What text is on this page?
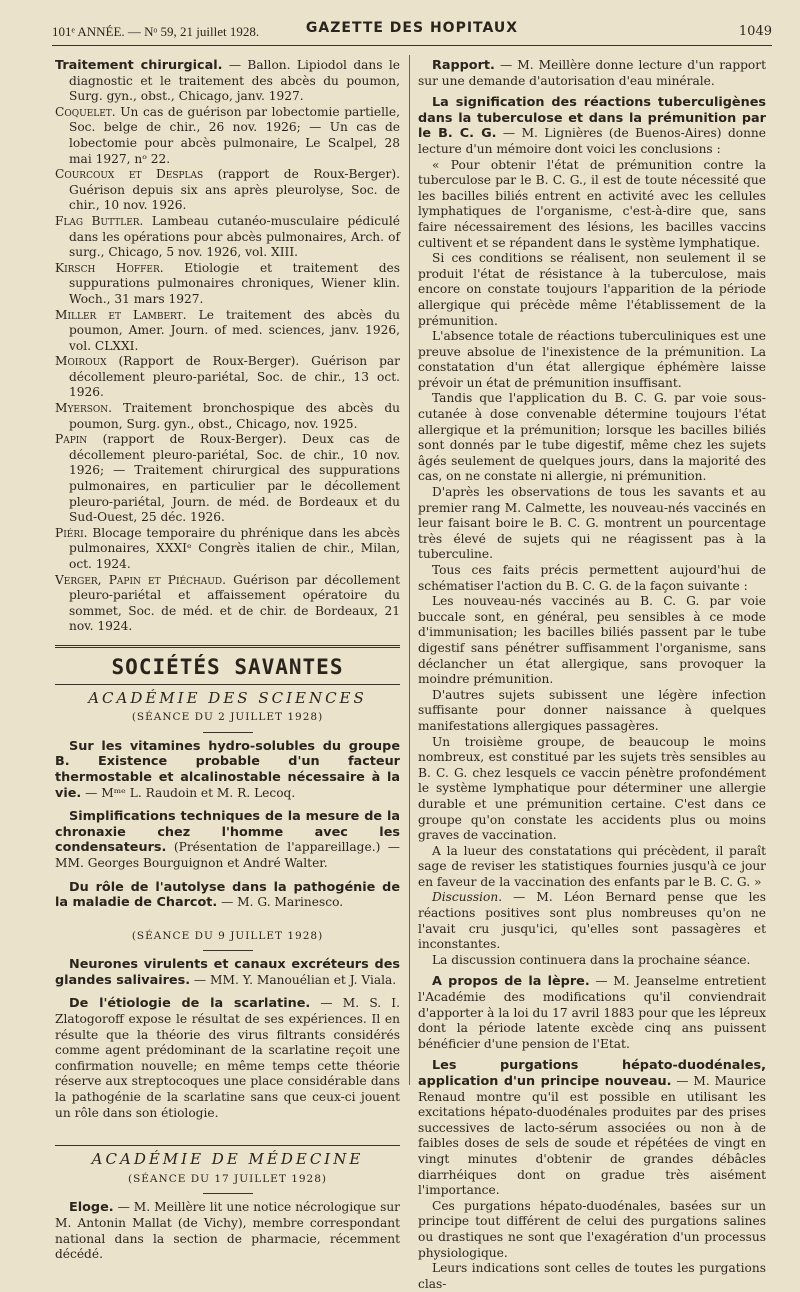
101ᵉ ANNÉE. — Nᵒ 59, 21 juillet 1928.	GAZETTE DES HOPITAUX	1049

Traitement chirurgical. — Ballon. Lipiodol dans le diagnostic et le traitement des abcès du poumon, Surg. gyn., obst., Chicago, janv. 1927.

Coquelet. Un cas de guérison par lobectomie partielle, Soc. belge de chir., 26 nov. 1926; — Un cas de lobectomie pour abcès pulmonaire, Le Scalpel, 28 mai 1927, nᵒ 22.

Courcoux et Desplas (rapport de Roux-Berger). Guérison depuis six ans après pleurolyse, Soc. de chir., 10 nov. 1926.

Flag Buttler. Lambeau cutanéo-musculaire pédiculé dans les opérations pour abcès pulmonaires, Arch. of surg., Chicago, 5 nov. 1926, vol. XIII.

Kirsch Hoffer. Etiologie et traitement des suppurations pulmonaires chroniques, Wiener klin. Woch., 31 mars 1927.

Miller et Lambert. Le traitement des abcès du poumon, Amer. Journ. of med. sciences, janv. 1926, vol. CLXXI.

Moiroux (Rapport de Roux-Berger). Guérison par décollement pleuro-pariétal, Soc. de chir., 13 oct. 1926.

Myerson. Traitement bronchospique des abcès du poumon, Surg. gyn., obst., Chicago, nov. 1925.

Papin (rapport de Roux-Berger). Deux cas de décollement pleuro-pariétal, Soc. de chir., 10 nov. 1926; — Traitement chirurgical des suppurations pulmonaires, en particulier par le décollement pleuro-pariétal, Journ. de méd. de Bordeaux et du Sud-Ouest, 25 déc. 1926.

Piéri. Blocage temporaire du phrénique dans les abcès pulmonaires, XXXIᵉ Congrès italien de chir., Milan, oct. 1924.

Verger, Papin et Piéchaud. Guérison par décollement pleuro-pariétal et affaissement opératoire du sommet, Soc. de méd. et de chir. de Bordeaux, 21 nov. 1924.

SOCIÉTÉS SAVANTES
ACADÉMIE DES SCIENCES
(SÉANCE DU 2 JUILLET 1928)

Sur les vitamines hydro-solubles du groupe B. Existence probable d'un facteur thermostable et alcalinostable nécessaire à la vie. — Mᵐᵉ L. Raudoin et M. R. Lecoq.

Simplifications techniques de la mesure de la chronaxie chez l'homme avec les condensateurs. (Présentation de l'appareillage.) — MM. Georges Bourguignon et André Walter.

Du rôle de l'autolyse dans la pathogénie de la maladie de Charcot. — M. G. Marinesco.

(SÉANCE DU 9 JUILLET 1928)

Neurones virulents et canaux excréteurs des glandes salivaires. — MM. Y. Manouélian et J. Viala.

De l'étiologie de la scarlatine. — M. S. I. Zlatogoroff expose le résultat de ses expériences. Il en résulte que la théorie des virus filtrants considérés comme agent prédominant de la scarlatine reçoit une confirmation nouvelle; en même temps cette théorie réserve aux streptocoques une place considérable dans la pathogénie de la scarlatine sans que ceux-ci jouent un rôle dans son étiologie.

ACADÉMIE DE MÉDECINE
(SÉANCE DU 17 JUILLET 1928)

Eloge. — M. Meillère lit une notice nécrologique sur M. Antonin Mallat (de Vichy), membre correspondant national dans la section de pharmacie, récemment décédé.

Rapport. — M. Meillère donne lecture d'un rapport sur une demande d'autorisation d'eau minérale.

La signification des réactions tuberculigènes dans la tuberculose et dans la prémunition par le B. C. G. — M. Lignières (de Buenos-Aires) donne lecture d'un mémoire dont voici les conclusions :

« Pour obtenir l'état de prémunition contre la tuberculose par le B. C. G., il est de toute nécessité que les bacilles biliés entrent en activité avec les cellules lymphatiques de l'organisme, c'est-à-dire que, sans faire nécessairement des lésions, les bacilles vaccins cultivent et se répandent dans le système lymphatique.

Si ces conditions se réalisent, non seulement il se produit l'état de résistance à la tuberculose, mais encore on constate toujours l'apparition de la période allergique qui précède même l'établissement de la prémunition.

L'absence totale de réactions tuberculiniques est une preuve absolue de l'inexistence de la prémunition. La constatation d'un état allergique éphémère laisse prévoir un état de prémunition insuffisant.

Tandis que l'application du B. C. G. par voie sous-cutanée à dose convenable détermine toujours l'état allergique et la prémunition; lorsque les bacilles biliés sont donnés par le tube digestif, même chez les sujets âgés seulement de quelques jours, dans la majorité des cas, on ne constate ni allergie, ni prémunition.

D'après les observations de tous les savants et au premier rang M. Calmette, les nouveau-nés vaccinés en leur faisant boire le B. C. G. montrent un pourcentage très élevé de sujets qui ne réagissent pas à la tuberculine.

Tous ces faits précis permettent aujourd'hui de schématiser l'action du B. C. G. de la façon suivante :

Les nouveau-nés vaccinés au B. C. G. par voie buccale sont, en général, peu sensibles à ce mode d'immunisation; les bacilles biliés passent par le tube digestif sans pénétrer suffisamment l'organisme, sans déclancher un état allergique, sans provoquer la moindre prémunition.

D'autres sujets subissent une légère infection suffisante pour donner naissance à quelques manifestations allergiques passagères.

Un troisième groupe, de beaucoup le moins nombreux, est constitué par les sujets très sensibles au B. C. G. chez lesquels ce vaccin pénètre profondément le système lymphatique pour déterminer une allergie durable et une prémunition certaine. C'est dans ce groupe qu'on constate les accidents plus ou moins graves de vaccination.

A la lueur des constatations qui précèdent, il paraît sage de reviser les statistiques fournies jusqu'à ce jour en faveur de la vaccination des enfants par le B. C. G. »

Discussion. — M. Léon Bernard pense que les réactions positives sont plus nombreuses qu'on ne l'avait cru jusqu'ici, qu'elles sont passagères et inconstantes.

La discussion continuera dans la prochaine séance.

A propos de la lèpre. — M. Jeanselme entretient l'Académie des modifications qu'il conviendrait d'apporter à la loi du 17 avril 1883 pour que les lépreux dont la période latente excède cinq ans puissent bénéficier d'une pension de l'Etat.

Les purgations hépato-duodénales, application d'un principe nouveau. — M. Maurice Renaud montre qu'il est possible en utilisant les excitations hépato-duodénales produites par des prises successives de lacto-sérum associées ou non à de faibles doses de sels de soude et répétées de vingt en vingt minutes d'obtenir de grandes débâcles diarrhéiques dont on gradue très aisément l'importance.

Ces purgations hépato-duodénales, basées sur un principe tout différent de celui des purgations salines ou drastiques ne sont que l'exagération d'un processus physiologique.

Leurs indications sont celles de toutes les purgations clas-
